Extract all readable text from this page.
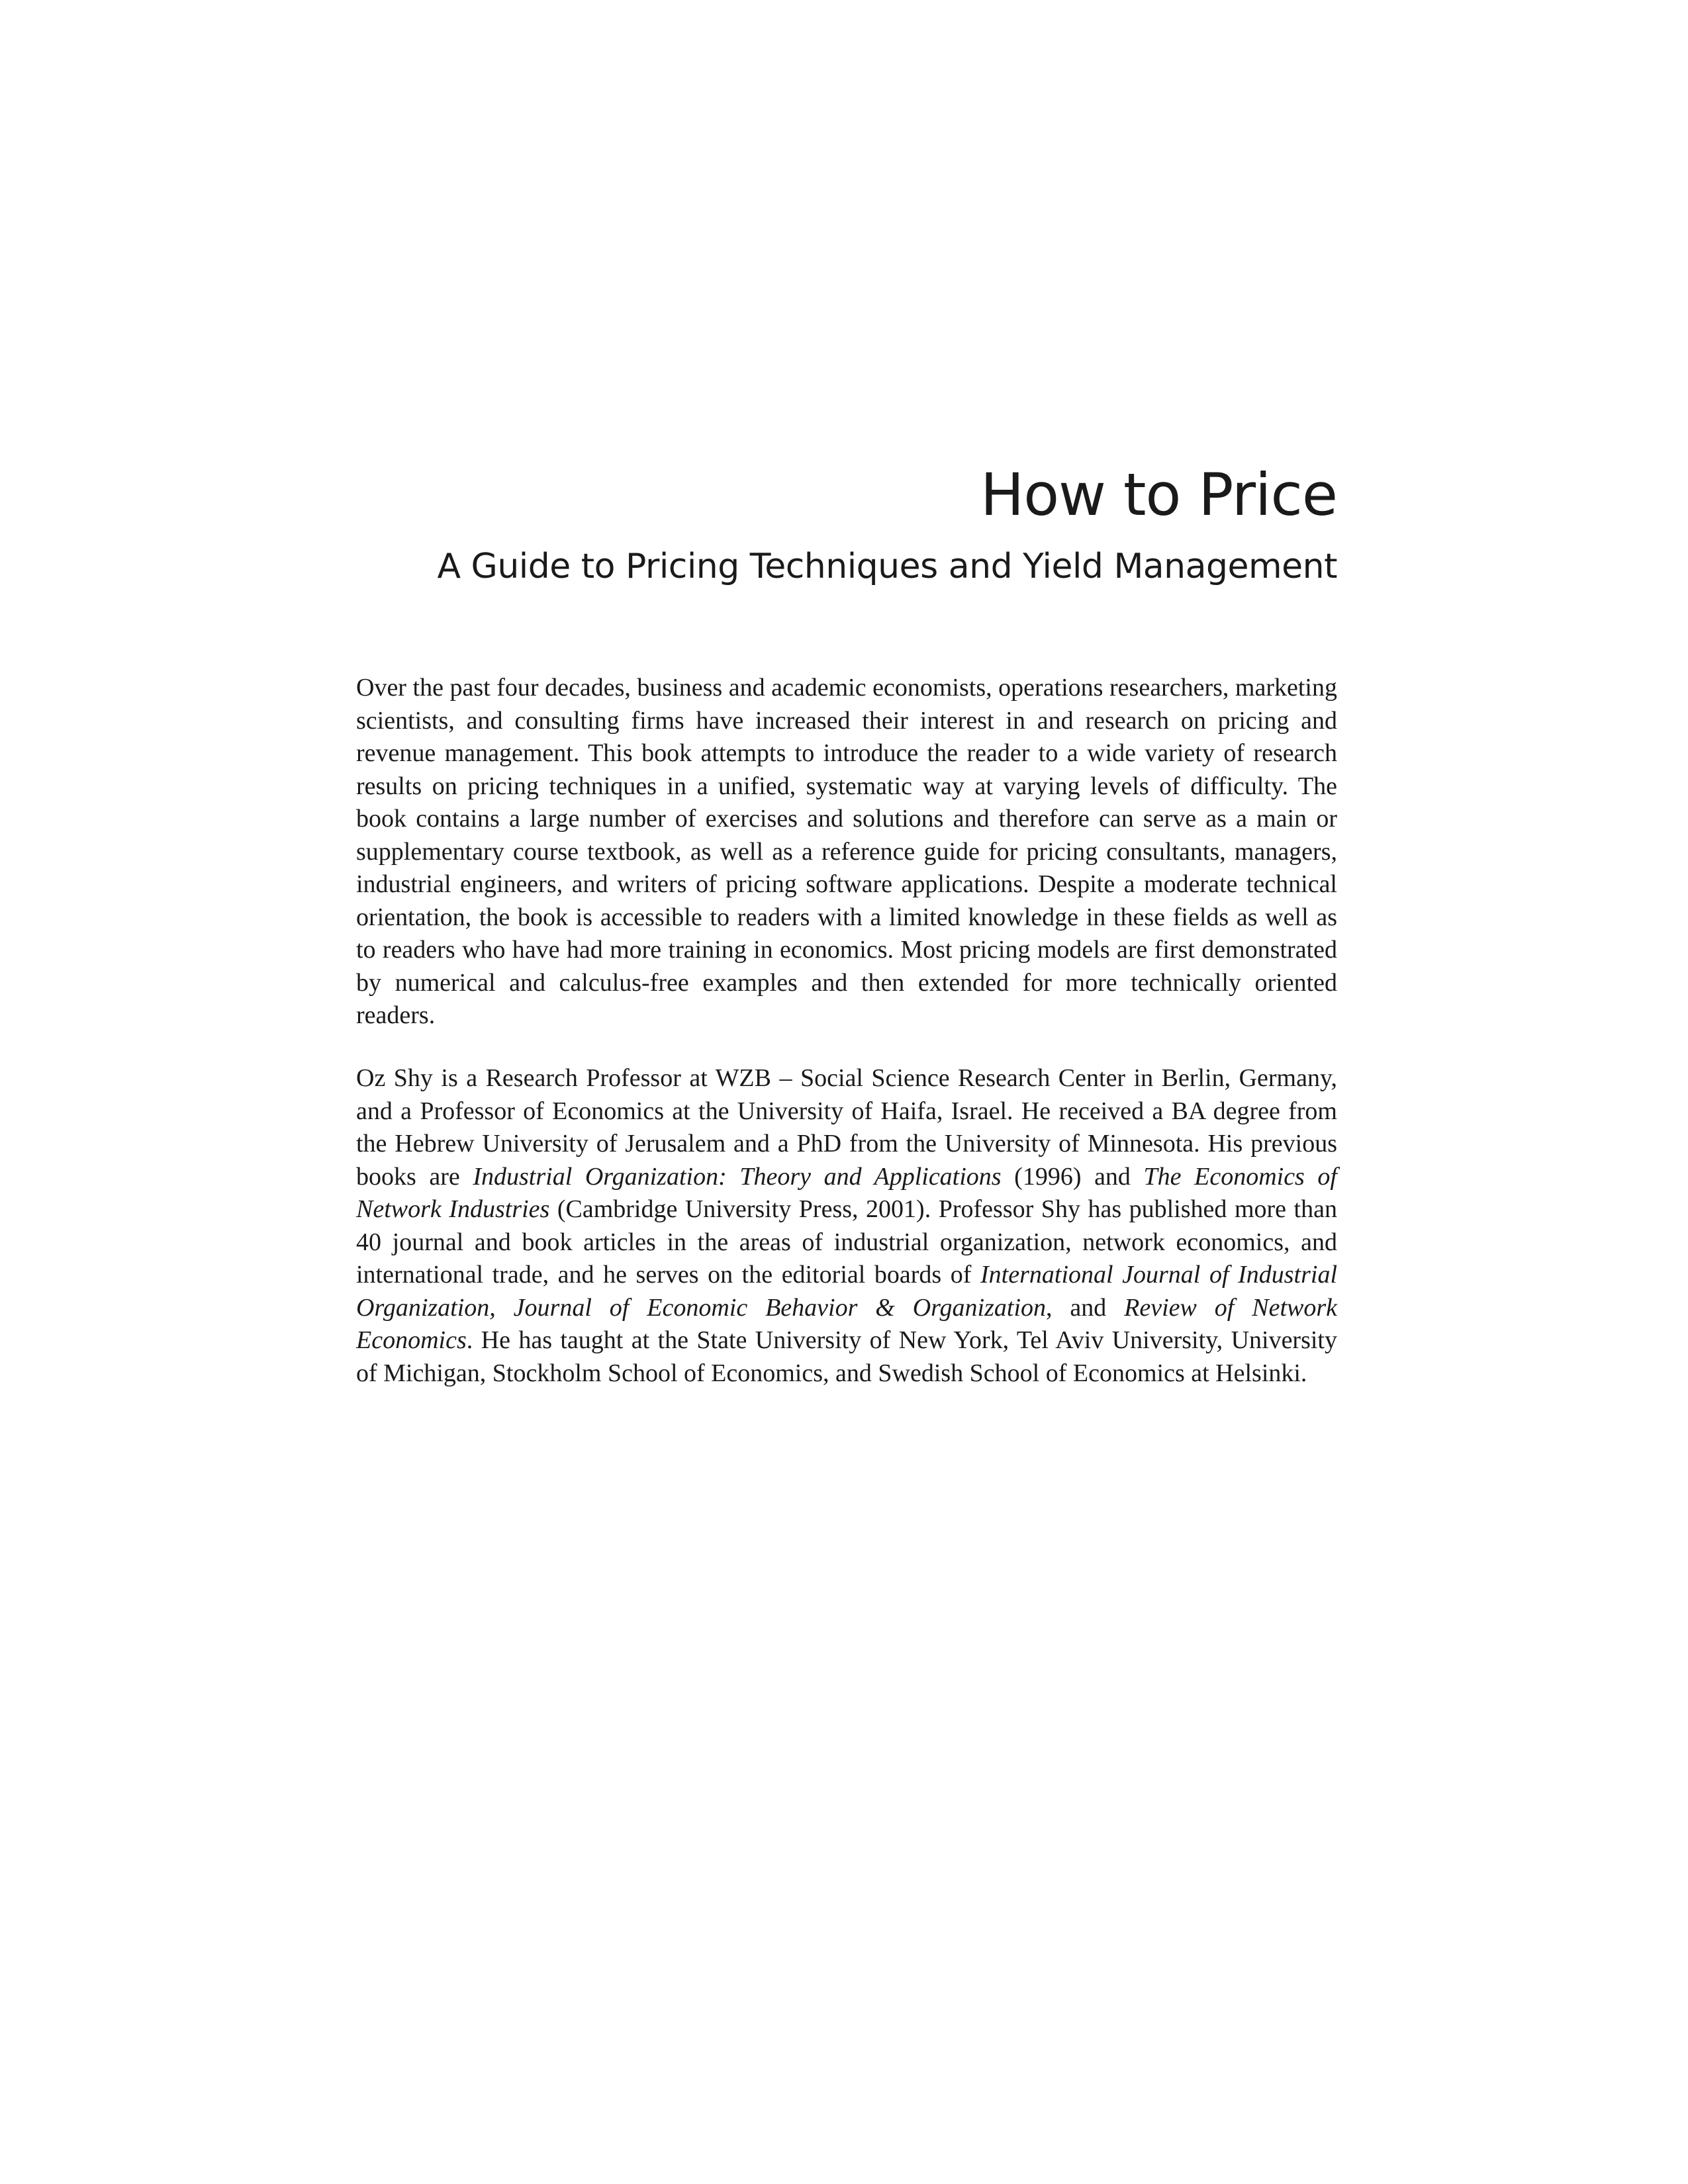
How to Price
A Guide to Pricing Techniques and Yield Management

Over the past four decades, business and academic economists, operations researchers, marketing scientists, and consulting firms have increased their interest in and research on pricing and revenue management. This book attempts to introduce the reader to a wide variety of research results on pricing techniques in a unified, systematic way at varying levels of difficulty. The book contains a large number of exercises and solutions and therefore can serve as a main or supplementary course textbook, as well as a reference guide for pricing consultants, managers, industrial engineers, and writers of pricing software applications. Despite a moderate technical orientation, the book is accessible to readers with a limited knowledge in these fields as well as to readers who have had more training in economics. Most pricing models are first demonstrated by numerical and calculus-free examples and then extended for more technically oriented readers.

Oz Shy is a Research Professor at WZB – Social Science Research Center in Berlin, Germany, and a Professor of Economics at the University of Haifa, Israel. He received a BA degree from the Hebrew University of Jerusalem and a PhD from the University of Minnesota. His previous books are Industrial Organization: Theory and Applications (1996) and The Economics of Network Industries (Cambridge University Press, 2001). Professor Shy has published more than 40 journal and book articles in the areas of industrial organization, network economics, and international trade, and he serves on the editorial boards of International Journal of Industrial Organization, Journal of Economic Behavior & Organization, and Review of Network Economics. He has taught at the State University of New York, Tel Aviv University, University of Michigan, Stockholm School of Economics, and Swedish School of Economics at Helsinki.
